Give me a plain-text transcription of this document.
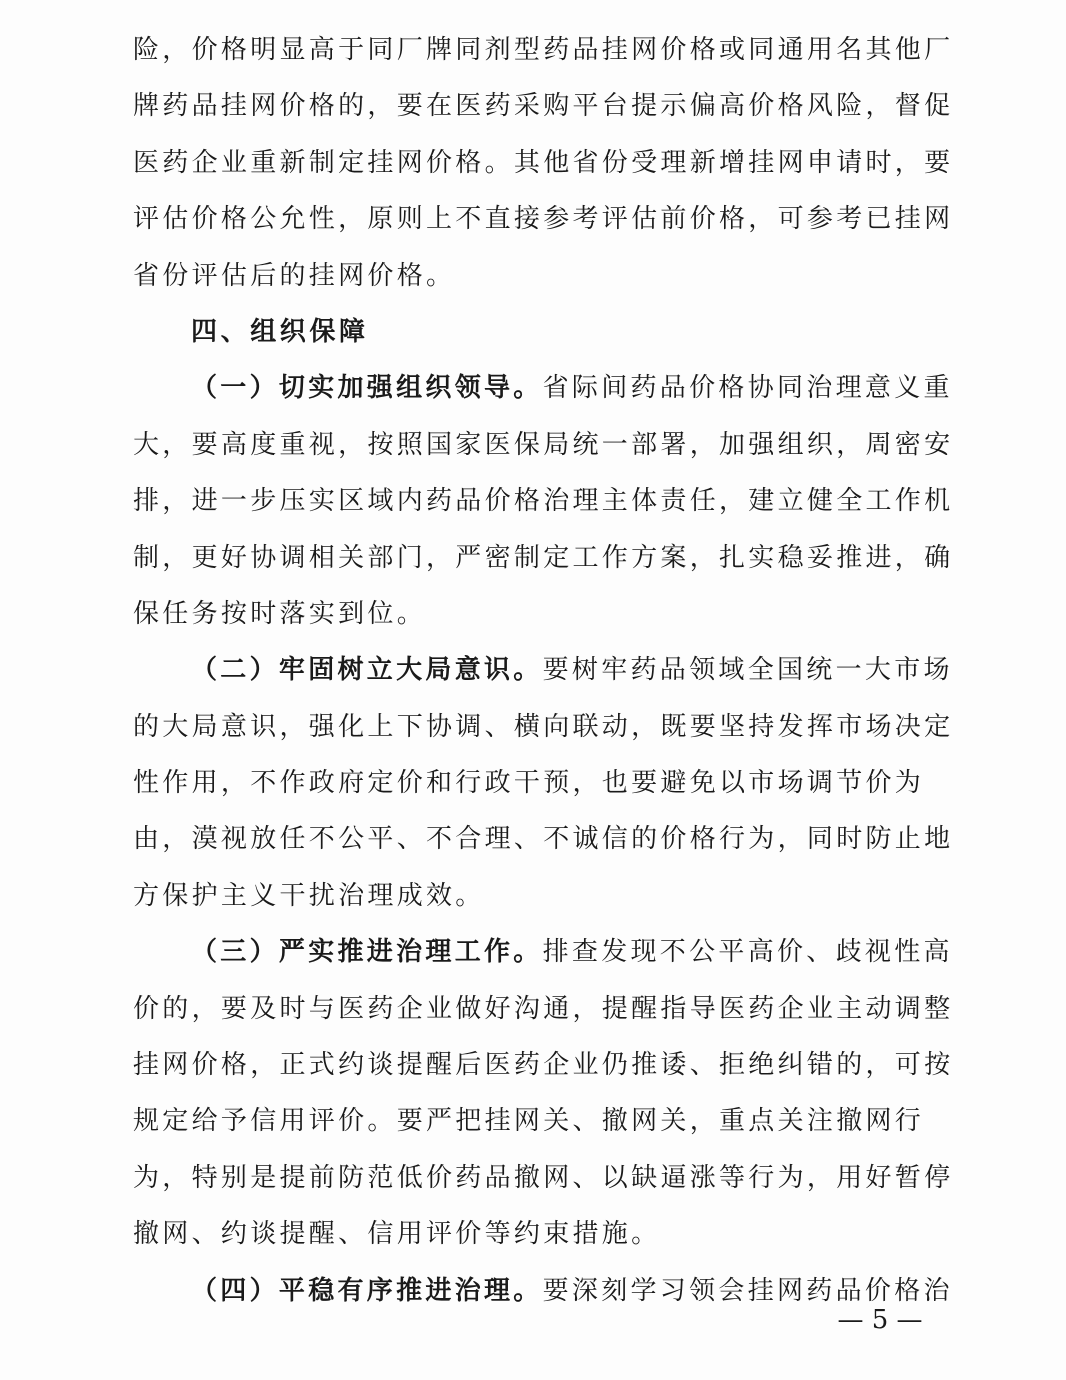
险，价格明显高于同厂牌同剂型药品挂网价格或同通用名其他厂
牌药品挂网价格的，要在医药采购平台提示偏高价格风险，督促
医药企业重新制定挂网价格。其他省份受理新增挂网申请时，要
评估价格公允性，原则上不直接参考评估前价格，可参考已挂网
省份评估后的挂网价格。
四、组织保障
（一）切实加强组织领导。省际间药品价格协同治理意义重
大，要高度重视，按照国家医保局统一部署，加强组织，周密安
排，进一步压实区域内药品价格治理主体责任，建立健全工作机
制，更好协调相关部门，严密制定工作方案，扎实稳妥推进，确
保任务按时落实到位。
（二）牢固树立大局意识。要树牢药品领域全国统一大市场
的大局意识，强化上下协调、横向联动，既要坚持发挥市场决定
性作用，不作政府定价和行政干预，也要避免以市场调节价为
由，漠视放任不公平、不合理、不诚信的价格行为，同时防止地
方保护主义干扰治理成效。
（三）严实推进治理工作。排查发现不公平高价、歧视性高
价的，要及时与医药企业做好沟通，提醒指导医药企业主动调整
挂网价格，正式约谈提醒后医药企业仍推诿、拒绝纠错的，可按
规定给予信用评价。要严把挂网关、撤网关，重点关注撤网行
为，特别是提前防范低价药品撤网、以缺逼涨等行为，用好暂停
撤网、约谈提醒、信用评价等约束措施。
（四）平稳有序推进治理。要深刻学习领会挂网药品价格治
— 5 —
